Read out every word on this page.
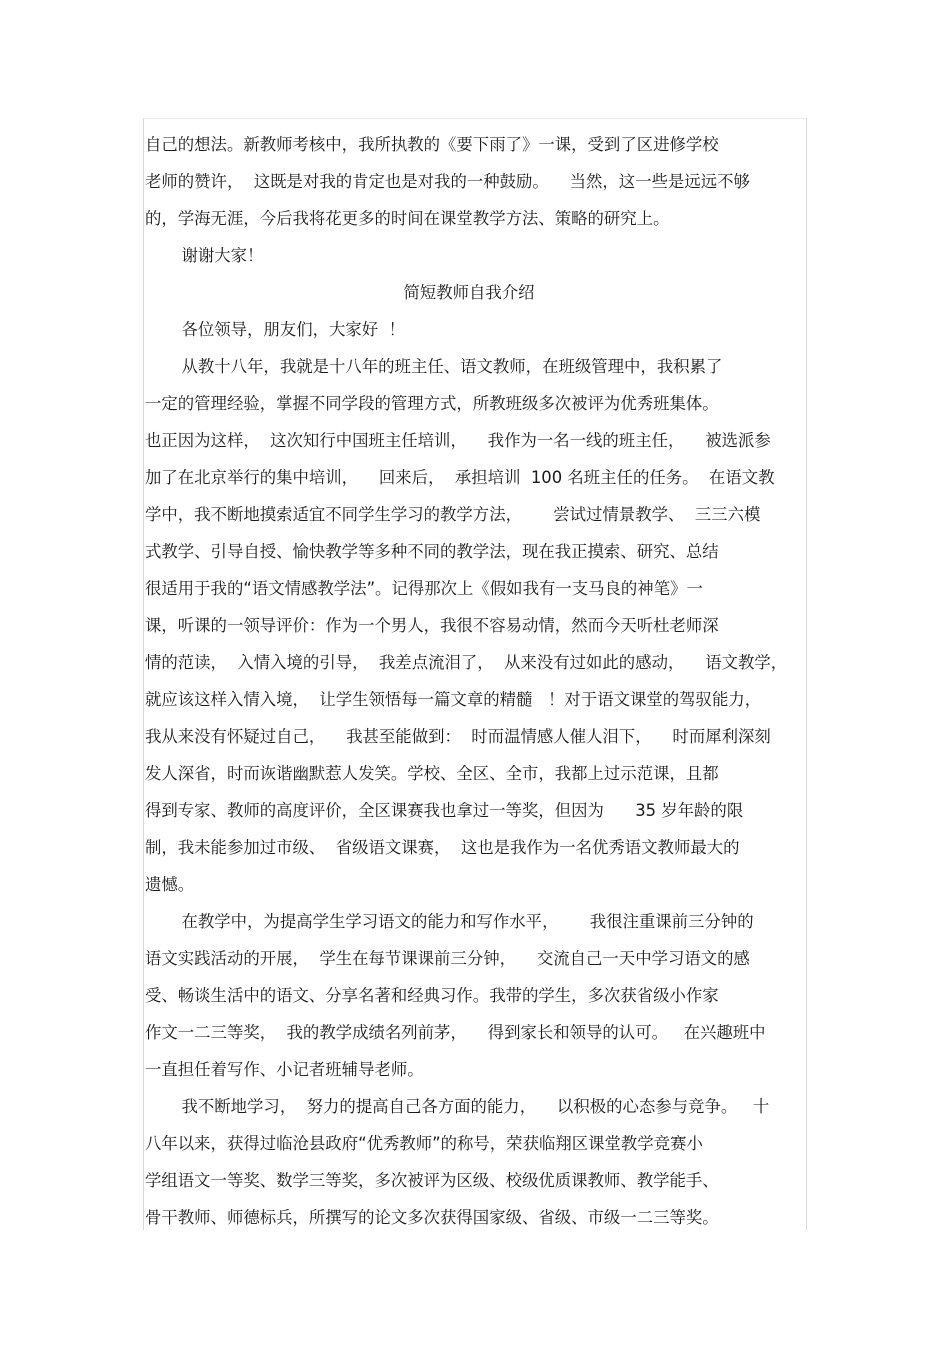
自己的想法。新教师考核中，我所执教的《要下雨了》一课，受到了区进修学校
老师的赞许，  这既是对我的肯定也是对我的一种鼓励。    当然，这一些是远远不够
的，学海无涯，今后我将花更多的时间在课堂教学方法、策略的研究上。
谢谢大家！
简短教师自我介绍
各位领导，朋友们，大家好  ！
从教十八年，我就是十八年的班主任、语文教师，在班级管理中，我积累了
一定的管理经验，掌握不同学段的管理方式，所教班级多次被评为优秀班集体。
也正因为这样，  这次知行中国班主任培训，    我作为一名一线的班主任，    被选派参
加了在北京举行的集中培训，    回来后，  承担培训  100 名班主任的任务。  在语文教
学中，我不断地摸索适宜不同学生学习的教学方法，      尝试过情景教学、  三三六模
式教学、引导自授、愉快教学等多种不同的教学法，现在我正摸索、研究、总结
很适用于我的“语文情感教学法”。记得那次上《假如我有一支马良的神笔》一
课，听课的一领导评价：作为一个男人，我很不容易动情，然而今天听杜老师深
情的范读，  入情入境的引导，  我差点流泪了，  从来没有过如此的感动，    语文教学，
就应该这样入情入境，  让学生领悟每一篇文章的精髓   ！对于语文课堂的驾驭能力，
我从来没有怀疑过自己，    我甚至能做到：  时而温情感人催人泪下，    时而犀利深刻
发人深省，时而诙谐幽默惹人发笑。学校、全区、全市，我都上过示范课，且都
得到专家、教师的高度评价，全区课赛我也拿过一等奖，但因为      35 岁年龄的限
制，我未能参加过市级、  省级语文课赛，  这也是我作为一名优秀语文教师最大的
遗憾。
在教学中，为提高学生学习语文的能力和写作水平，      我很注重课前三分钟的
语文实践活动的开展，  学生在每节课课前三分钟，    交流自己一天中学习语文的感
受、畅谈生活中的语文、分享名著和经典习作。我带的学生，多次获省级小作家
作文一二三等奖，  我的教学成绩名列前茅，    得到家长和领导的认可。   在兴趣班中
一直担任着写作、小记者班辅导老师。
我不断地学习，  努力的提高自己各方面的能力，    以积极的心态参与竞争。   十
八年以来，获得过临沧县政府“优秀教师”的称号，荣获临翔区课堂教学竞赛小
学组语文一等奖、数学三等奖，多次被评为区级、校级优质课教师、教学能手、
骨干教师、师德标兵，所撰写的论文多次获得国家级、省级、市级一二三等奖。
